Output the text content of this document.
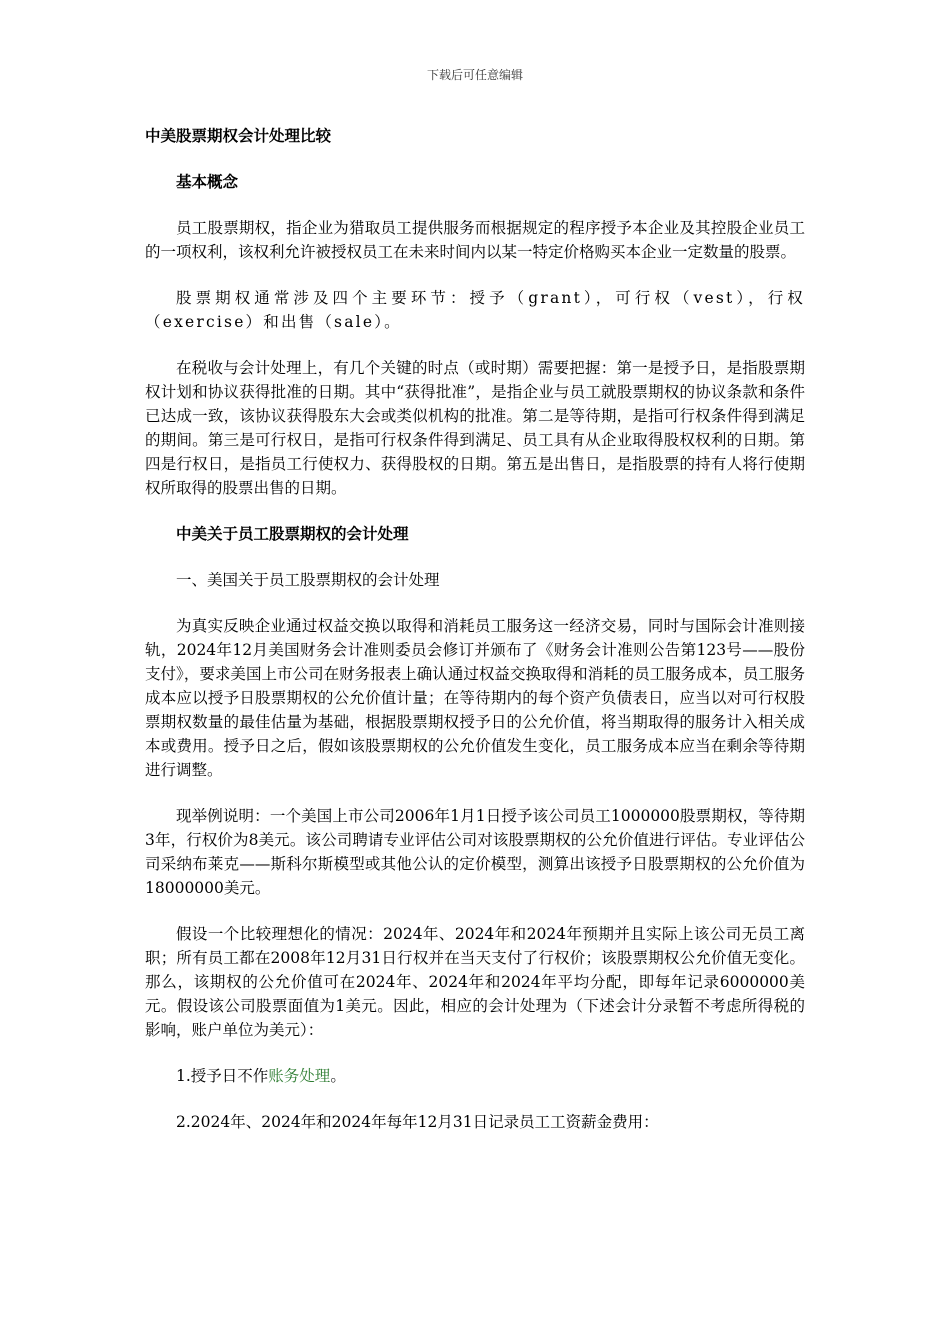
下载后可任意编辑

中美股票期权会计处理比较

基本概念

员工股票期权，指企业为猎取员工提供服务而根据规定的程序授予本企业及其控股企业员工的一项权利，该权利允许被授权员工在未来时间内以某一特定价格购买本企业一定数量的股票。

股票期权通常涉及四个主要环节：授予（grant），可行权（vest），行权（exercise）和出售（sale）。

在税收与会计处理上，有几个关键的时点（或时期）需要把握：第一是授予日，是指股票期权计划和协议获得批准的日期。其中“获得批准”，是指企业与员工就股票期权的协议条款和条件已达成一致，该协议获得股东大会或类似机构的批准。第二是等待期，是指可行权条件得到满足的期间。第三是可行权日，是指可行权条件得到满足、员工具有从企业取得股权权利的日期。第四是行权日，是指员工行使权力、获得股权的日期。第五是出售日，是指股票的持有人将行使期权所取得的股票出售的日期。

中美关于员工股票期权的会计处理

一、美国关于员工股票期权的会计处理

为真实反映企业通过权益交换以取得和消耗员工服务这一经济交易，同时与国际会计准则接轨，2024年12月美国财务会计准则委员会修订并颁布了《财务会计准则公告第123号——股份支付》，要求美国上市公司在财务报表上确认通过权益交换取得和消耗的员工服务成本，员工服务成本应以授予日股票期权的公允价值计量；在等待期内的每个资产负债表日，应当以对可行权股票期权数量的最佳估量为基础，根据股票期权授予日的公允价值，将当期取得的服务计入相关成本或费用。授予日之后，假如该股票期权的公允价值发生变化，员工服务成本应当在剩余等待期进行调整。

现举例说明：一个美国上市公司2006年1月1日授予该公司员工1000000股票期权，等待期3年，行权价为8美元。该公司聘请专业评估公司对该股票期权的公允价值进行评估。专业评估公司采纳布莱克——斯科尔斯模型或其他公认的定价模型，测算出该授予日股票期权的公允价值为18000000美元。

假设一个比较理想化的情况：2024年、2024年和2024年预期并且实际上该公司无员工离职；所有员工都在2008年12月31日行权并在当天支付了行权价；该股票期权公允价值无变化。那么，该期权的公允价值可在2024年、2024年和2024年平均分配，即每年记录6000000美元。假设该公司股票面值为1美元。因此，相应的会计处理为（下述会计分录暂不考虑所得税的影响，账户单位为美元）：

1.授予日不作账务处理。

2.2024年、2024年和2024年每年12月31日记录员工工资薪金费用：
